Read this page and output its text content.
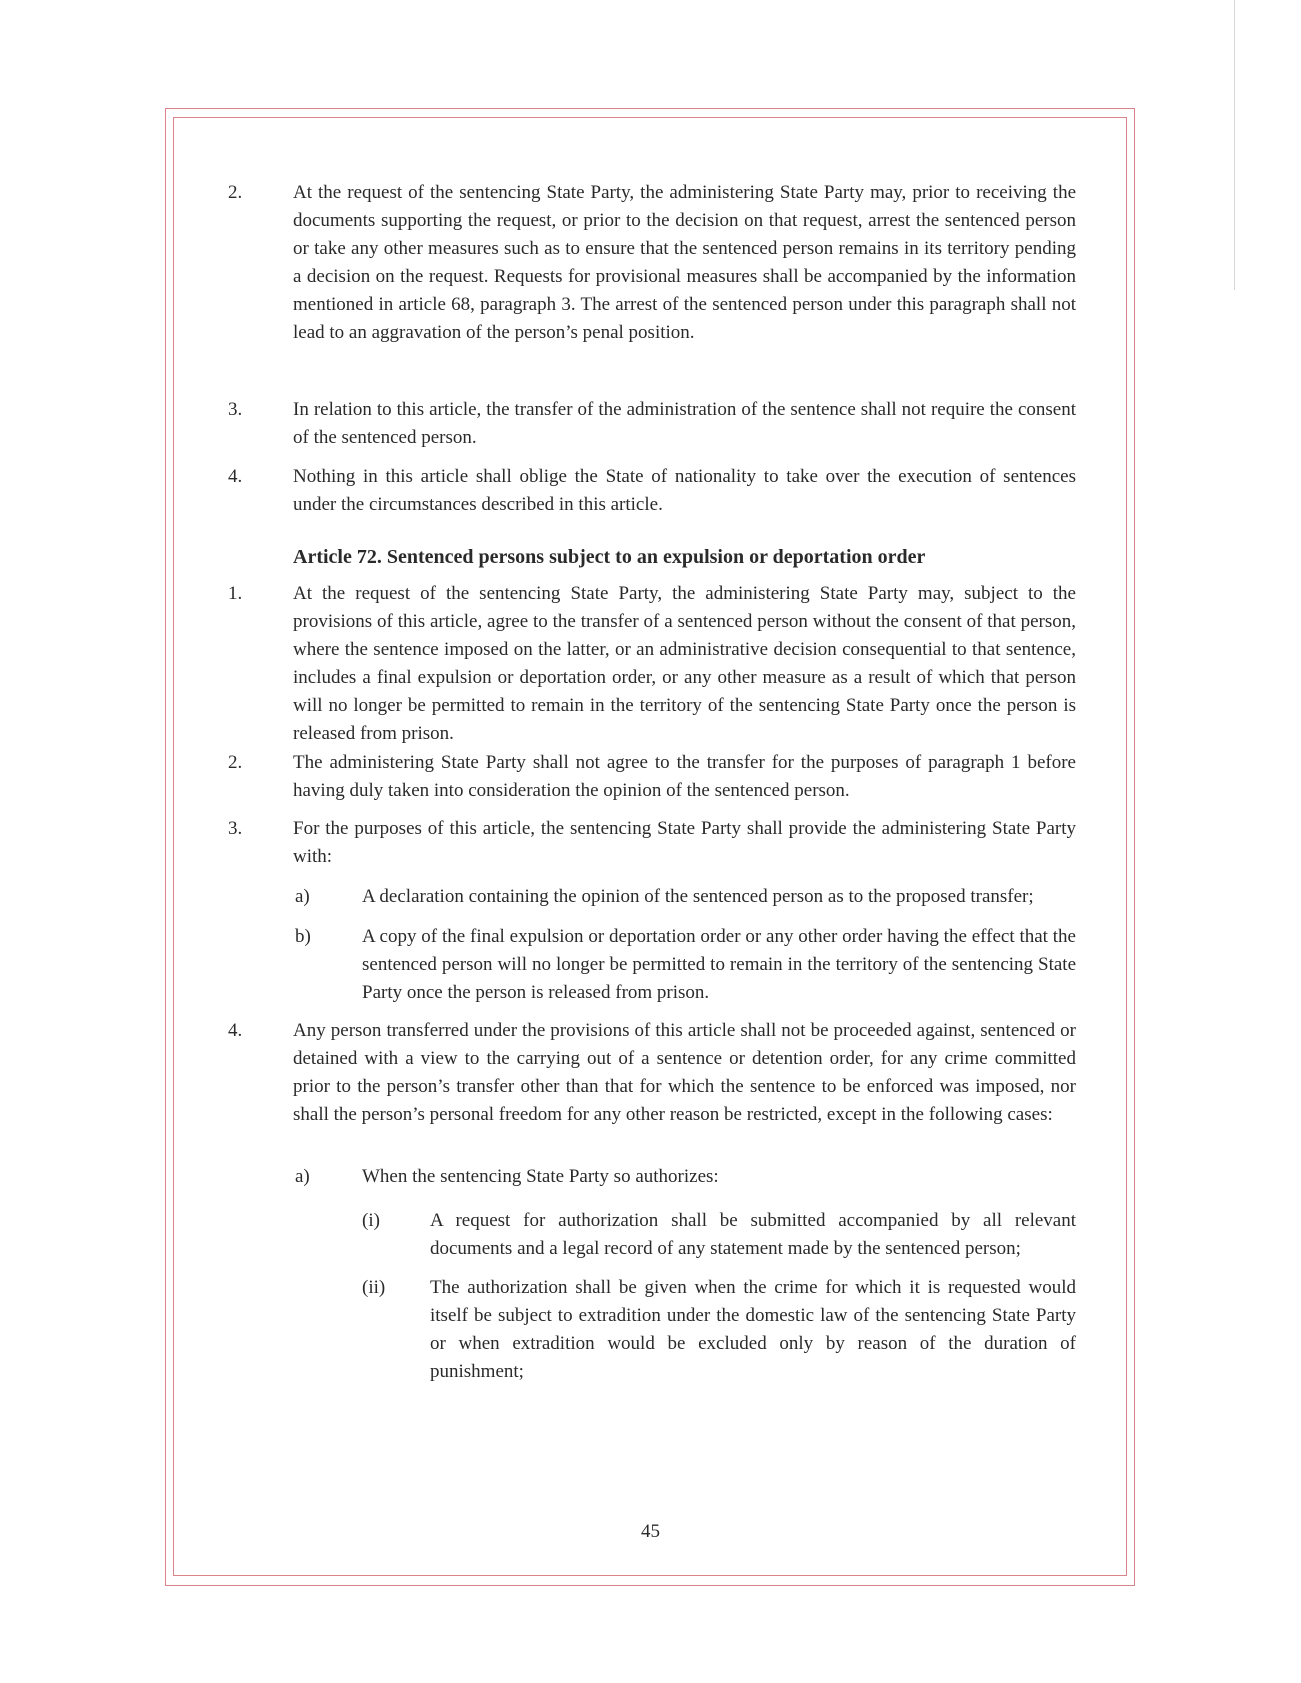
2.	At the request of the sentencing State Party, the administering State Party may, prior to receiving the documents supporting the request, or prior to the decision on that request, arrest the sentenced person or take any other measures such as to ensure that the sentenced person remains in its territory pending a decision on the request. Requests for provisional measures shall be accompanied by the information mentioned in article 68, paragraph 3. The arrest of the sentenced person under this paragraph shall not lead to an aggravation of the person’s penal position.

3.	In relation to this article, the transfer of the administration of the sentence shall not require the consent of the sentenced person.

4.	Nothing in this article shall oblige the State of nationality to take over the execution of sentences under the circumstances described in this article.

Article 72. Sentenced persons subject to an expulsion or deportation order
1.	At the request of the sentencing State Party, the administering State Party may, subject to the provisions of this article, agree to the transfer of a sentenced person without the consent of that person, where the sentence imposed on the latter, or an administrative decision consequential to that sentence, includes a final expulsion or deportation order, or any other measure as a result of which that person will no longer be permitted to remain in the territory of the sentencing State Party once the person is released from prison.

2.	The administering State Party shall not agree to the transfer for the purposes of paragraph 1 before having duly taken into consideration the opinion of the sentenced person.

3.	For the purposes of this article, the sentencing State Party shall provide the administering State Party with:

a)	A declaration containing the opinion of the sentenced person as to the proposed transfer;

b)	A copy of the final expulsion or deportation order or any other order having the effect that the sentenced person will no longer be permitted to remain in the territory of the sentencing State Party once the person is released from prison.

4.	Any person transferred under the provisions of this article shall not be proceeded against, sentenced or detained with a view to the carrying out of a sentence or detention order, for any crime committed prior to the person’s transfer other than that for which the sentence to be enforced was imposed, nor shall the person’s personal freedom for any other reason be restricted, except in the following cases:

a)	When the sentencing State Party so authorizes:

(i)	A request for authorization shall be submitted accompanied by all relevant documents and a legal record of any statement made by the sentenced person;

(ii)	The authorization shall be given when the crime for which it is requested would itself be subject to extradition under the domestic law of the sentencing State Party or when extradition would be excluded only by reason of the duration of punishment;

45
